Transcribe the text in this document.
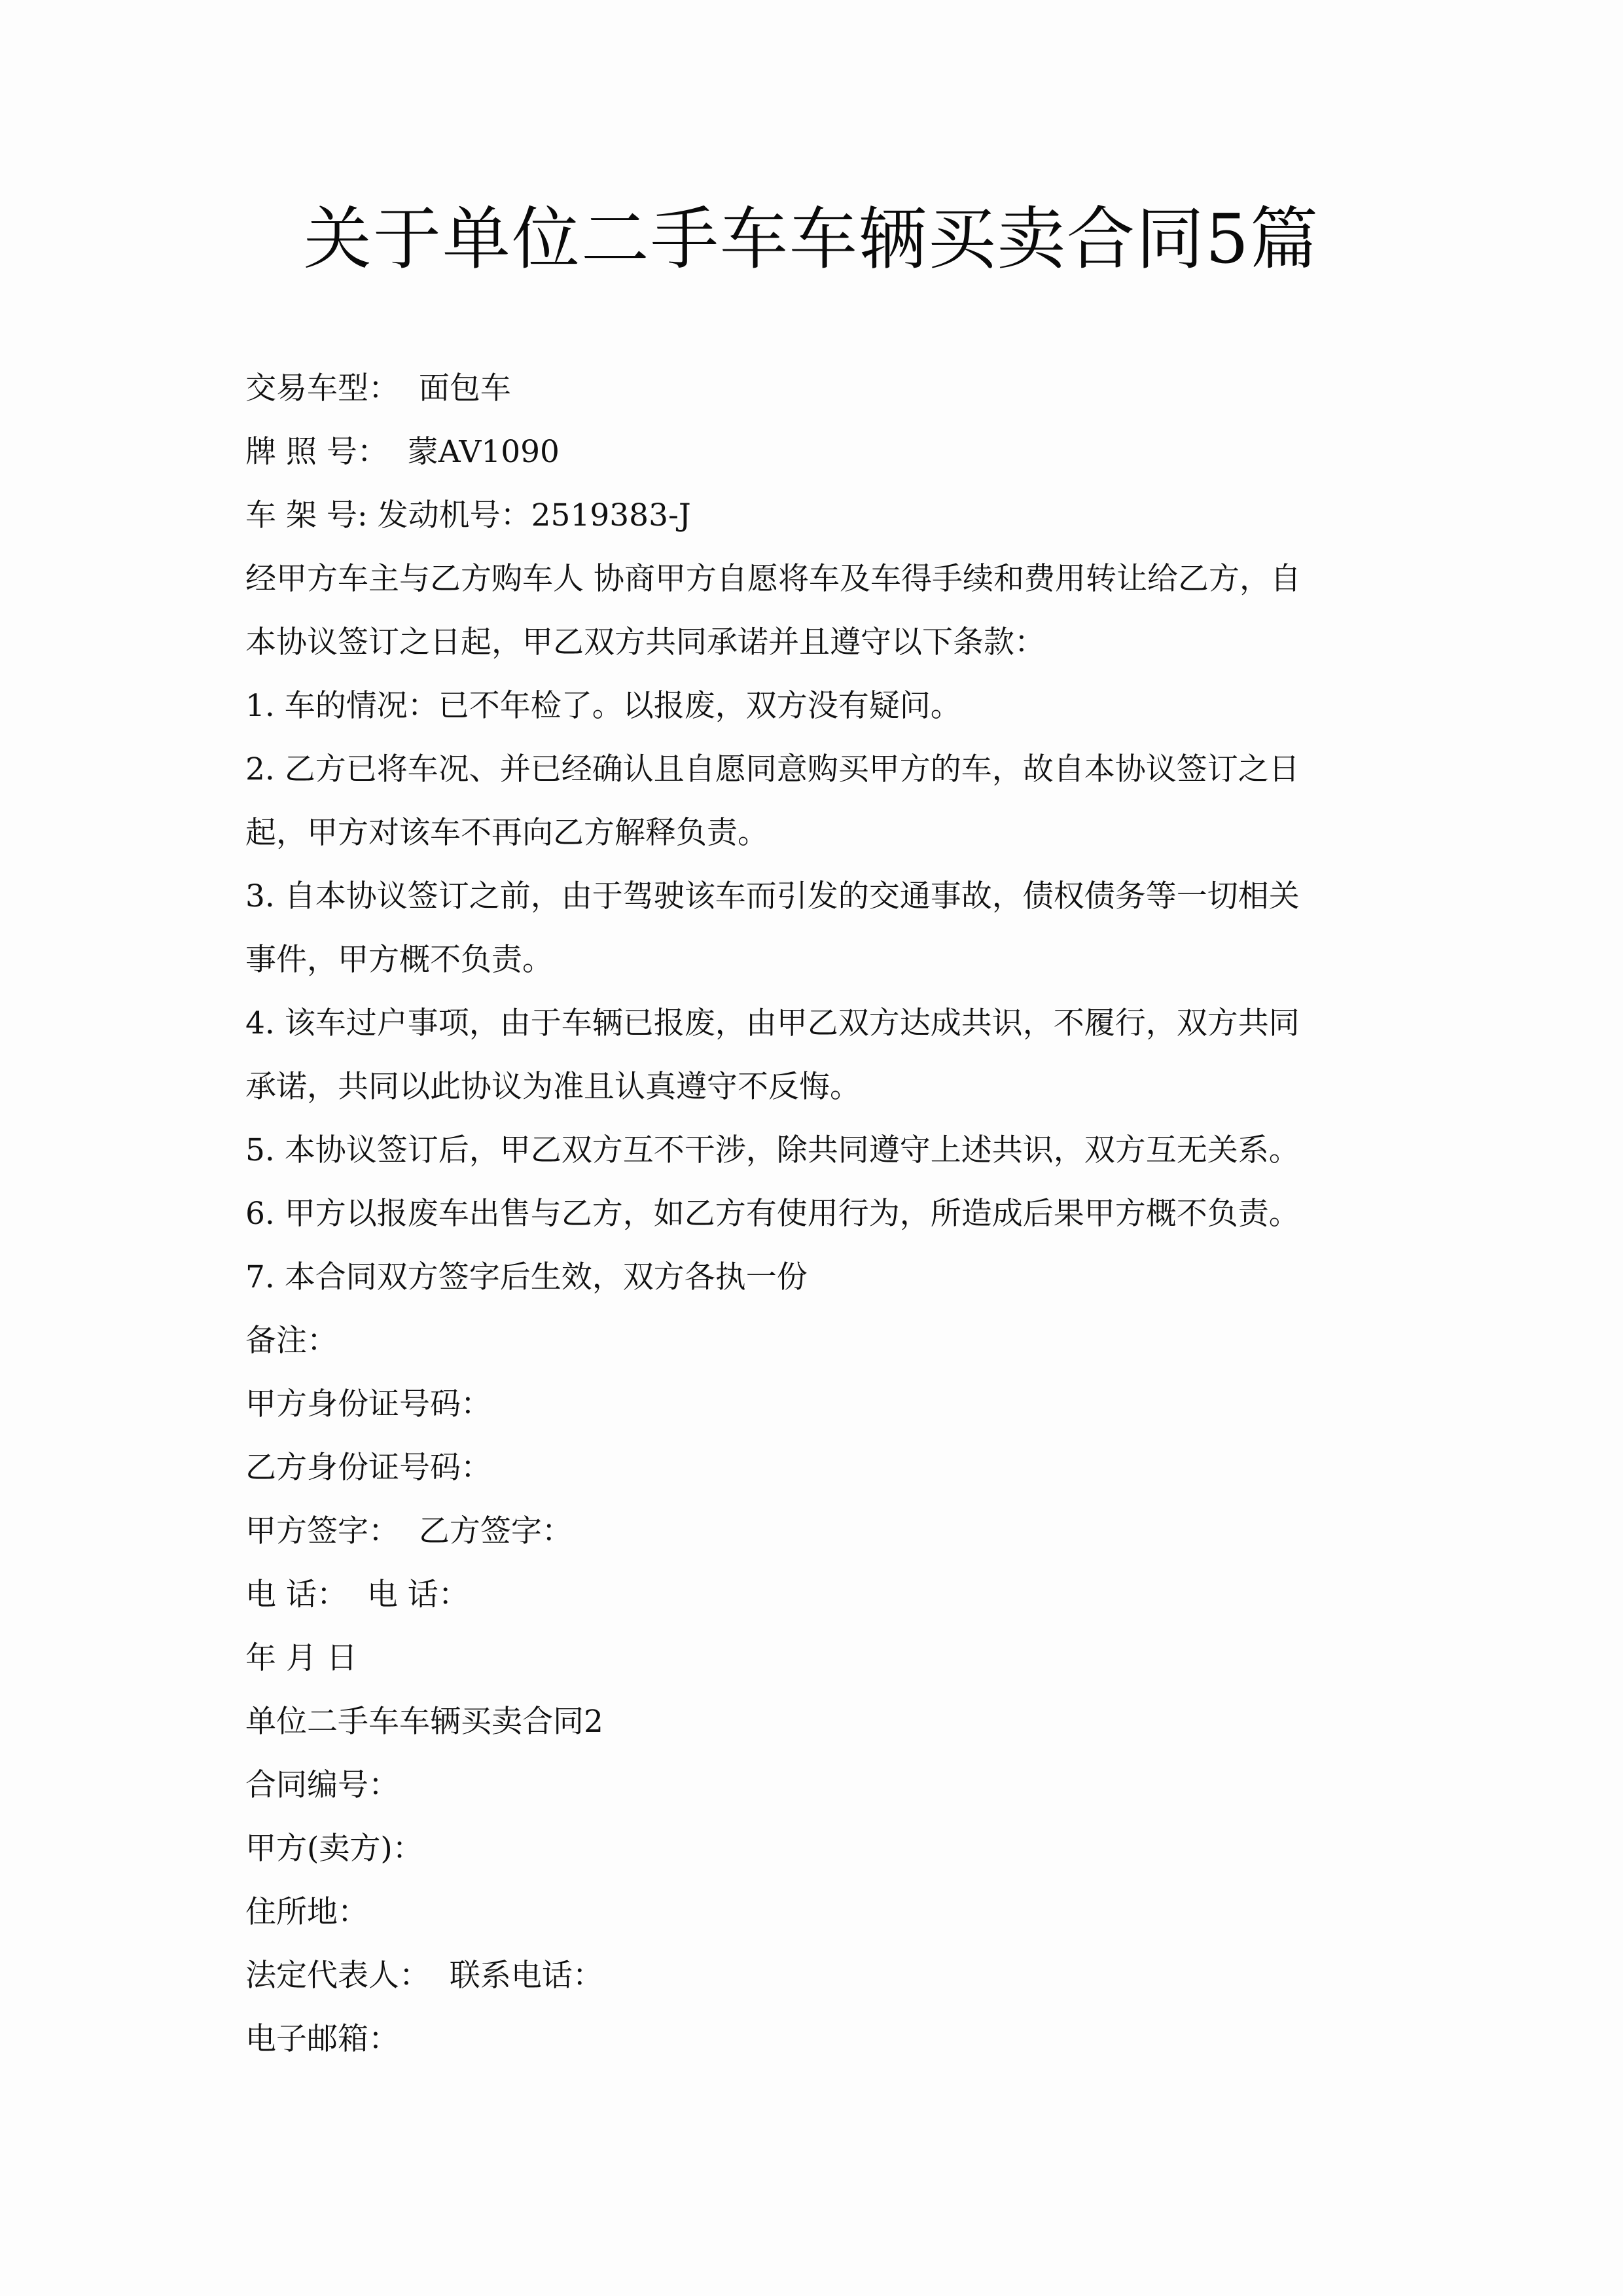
关于单位二手车车辆买卖合同5篇

交易车型：  面包车

牌 照 号：  蒙AV1090

车 架 号: 发动机号：2519383-J

经甲方车主与乙方购车人 协商甲方自愿将车及车得手续和费用转让给乙方，自

本协议签订之日起，甲乙双方共同承诺并且遵守以下条款：

1. 车的情况：已不年检了。以报废，双方没有疑问。

2. 乙方已将车况、并已经确认且自愿同意购买甲方的车，故自本协议签订之日

起，甲方对该车不再向乙方解释负责。

3. 自本协议签订之前，由于驾驶该车而引发的交通事故，债权债务等一切相关

事件，甲方概不负责。

4. 该车过户事项，由于车辆已报废，由甲乙双方达成共识，不履行，双方共同

承诺，共同以此协议为准且认真遵守不反悔。

5. 本协议签订后，甲乙双方互不干涉，除共同遵守上述共识，双方互无关系。

6. 甲方以报废车出售与乙方，如乙方有使用行为，所造成后果甲方概不负责。

7. 本合同双方签字后生效，双方各执一份

备注：

甲方身份证号码：

乙方身份证号码：

甲方签字：  乙方签字：

电 话：  电 话：

年 月 日

单位二手车车辆买卖合同2

合同编号：

甲方(卖方)：

住所地：

法定代表人：  联系电话：

电子邮箱：
